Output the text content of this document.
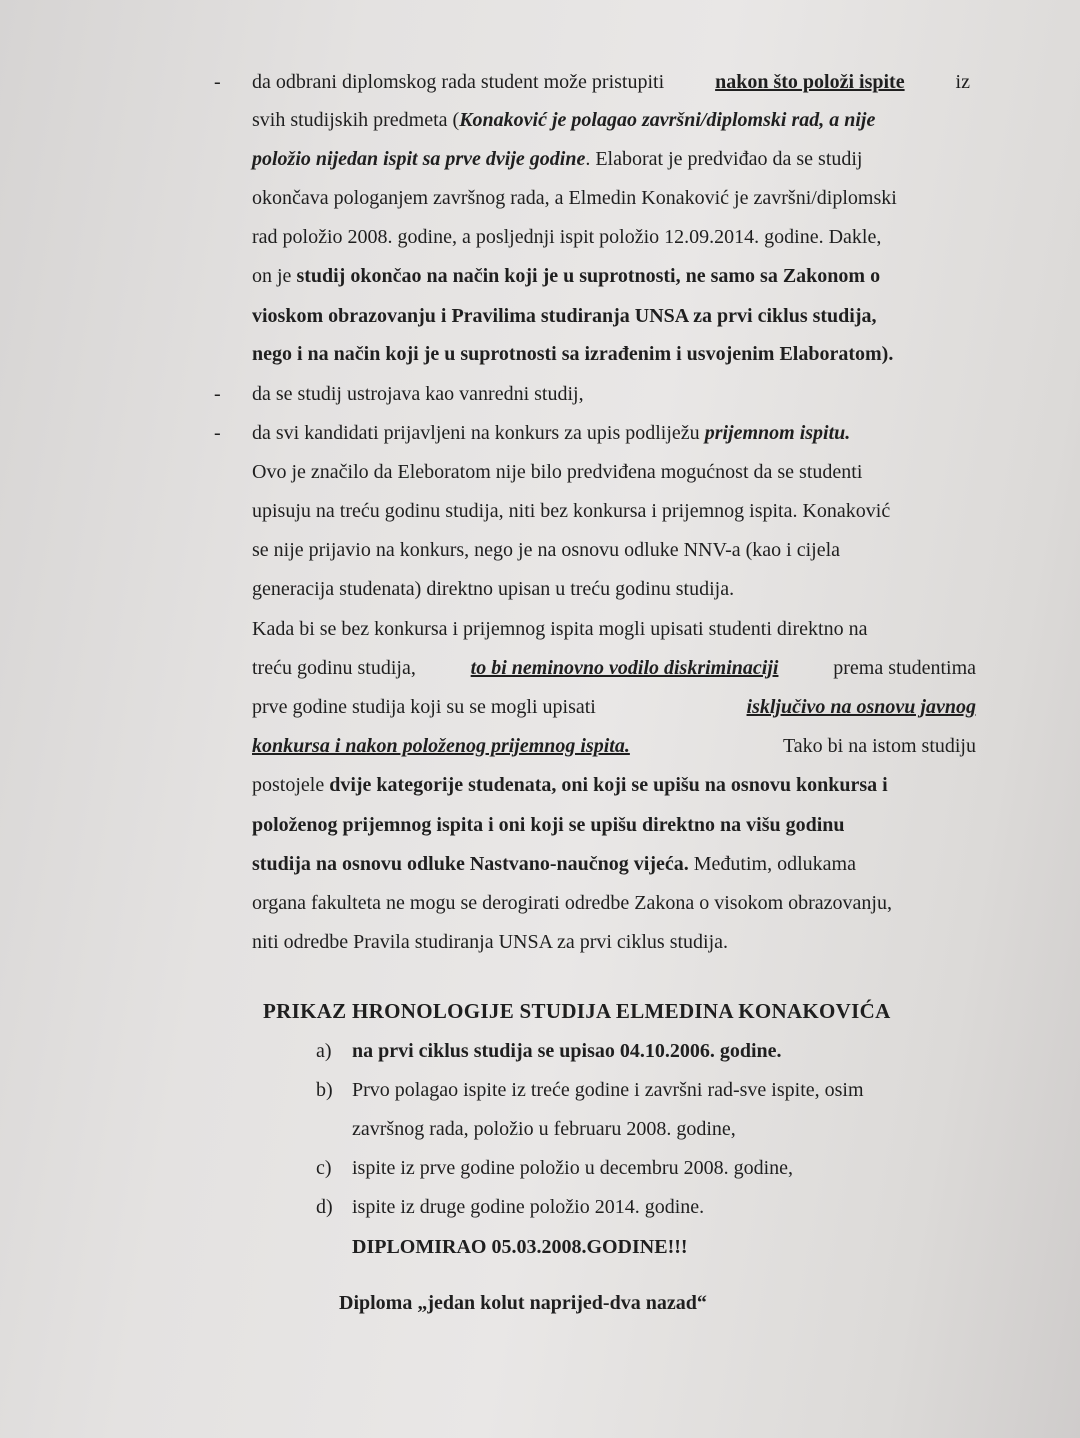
- da odbrani diplomskog rada student može pristupiti	nakon što položi ispite	iz
svih studijskih predmeta (Konaković je polagao završni/diplomski rad, a nije
položio nijedan ispit sa prve dvije godine. Elaborat je predviđao da se studij
okončava pologanjem završnog rada, a Elmedin Konaković je završni/diplomski
rad položio 2008. godine, a posljednji ispit položio 12.09.2014. godine. Dakle,
on je studij okončao na način koji je u suprotnosti, ne samo sa Zakonom o
vioskom obrazovanju i Pravilima studiranja UNSA za prvi ciklus studija,
nego i na način koji je u suprotnosti sa izrađenim i usvojenim Elaboratom).
- da se studij ustrojava kao vanredni studij,
- da svi kandidati prijavljeni na konkurs za upis podliježu prijemnom ispitu.
Ovo je značilo da Eleboratom nije bilo predviđena mogućnost da se studenti
upisuju na treću godinu studija, niti bez konkursa i prijemnog ispita. Konaković
se nije prijavio na konkurs, nego je na osnovu odluke NNV-a (kao i cijela
generacija studenata) direktno upisan u treću godinu studija.
Kada bi se bez konkursa i prijemnog ispita mogli upisati studenti direktno na
treću godinu studija,	to bi neminovno vodilo diskriminaciji	prema studentima
prve godine studija koji su se mogli upisati	isključivo na osnovu javnog
konkursa i nakon položenog prijemnog ispita.	Tako bi na istom studiju
postojele dvije kategorije studenata, oni koji se upišu na osnovu konkursa i
položenog prijemnog ispita i oni koji se upišu direktno na višu godinu
studija na osnovu odluke Nastvano-naučnog vijeća. Međutim, odlukama
organa fakulteta ne mogu se derogirati odredbe Zakona o visokom obrazovanju,
niti odredbe Pravila studiranja UNSA za prvi ciklus studija.
PRIKAZ HRONOLOGIJE STUDIJA ELMEDINA KONAKOVIĆA
a) na prvi ciklus studija se upisao 04.10.2006. godine.
b) Prvo polagao ispite iz treće godine i završni rad-sve ispite, osim
završnog rada, položio u februaru 2008. godine,
c) ispite iz prve godine položio u decembru 2008. godine,
d) ispite iz druge godine položio 2014. godine.
DIPLOMIRAO 05.03.2008.GODINE!!!
Diploma „jedan kolut naprijed-dva nazad“
